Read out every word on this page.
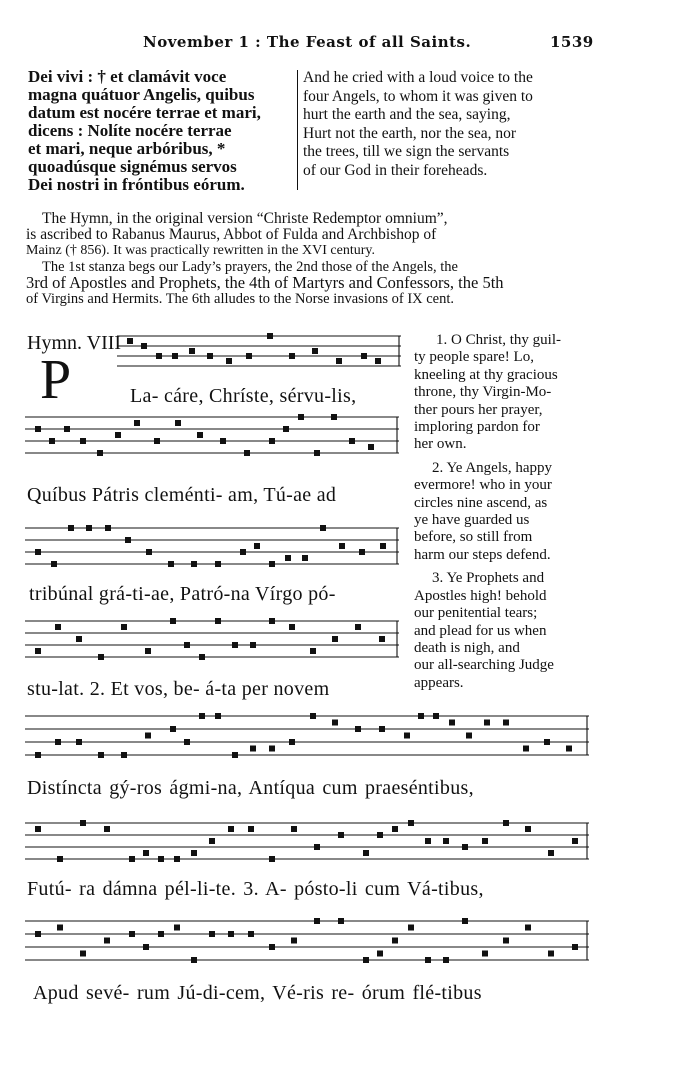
November 1 : The Feast of all Saints.	1539
Dei vivi : † et clamávit voce
magna quátuor Angelis, quibus
datum est nocére terrae et mari,
dicens : Nolíte nocére terrae
et mari, neque arbóribus, *
quoadúsque signémus servos
Dei nostri in fróntibus eórum.
And he cried with a loud voice to the
four Angels, to whom it was given to
hurt the earth and the sea, saying,
Hurt not the earth, nor the sea, nor
the trees, till we sign the servants
of our God in their foreheads.
The Hymn, in the original version “Christe Redemptor omnium”,
is ascribed to Rabanus Maurus, Abbot of Fulda and Archbishop of
Mainz († 856). It was practically rewritten in the XVI century.
The 1st stanza begs our Lady’s prayers, the 2nd those of the Angels, the
3rd of Apostles and Prophets, the 4th of Martyrs and Confessors, the 5th
of Virgins and Hermits. The 6th alludes to the Norse invasions of IX cent.
Hymn. VIII
P	La- cáre, Chríste, sérvu-lis,
Quíbus Pátris cleménti- am, Tú-ae ad
tribúnal grá-ti-ae, Patró-na Vírgo pó-
stu-lat. 2. Et vos, be- á-ta per novem
Distíncta gý-ros ágmi-na, Antíqua cum praeséntibus,
Futú- ra dámna pél-li-te. 3. A- pósto-li cum Vá-tibus,
Apud sevé- rum Jú-di-cem, Vé-ris re- órum flé-tibus
1. O Christ, thy guil-
ty people spare! Lo,
kneeling at thy gracious
throne, thy Virgin-Mo-
ther pours her prayer,
imploring pardon for
her own.
2. Ye Angels, happy
evermore! who in your
circles nine ascend, as
ye have guarded us
before, so still from
harm our steps defend.
3. Ye Prophets and
Apostles high! behold
our penitential tears;
and plead for us when
death is nigh, and
our all-searching Judge
appears.
